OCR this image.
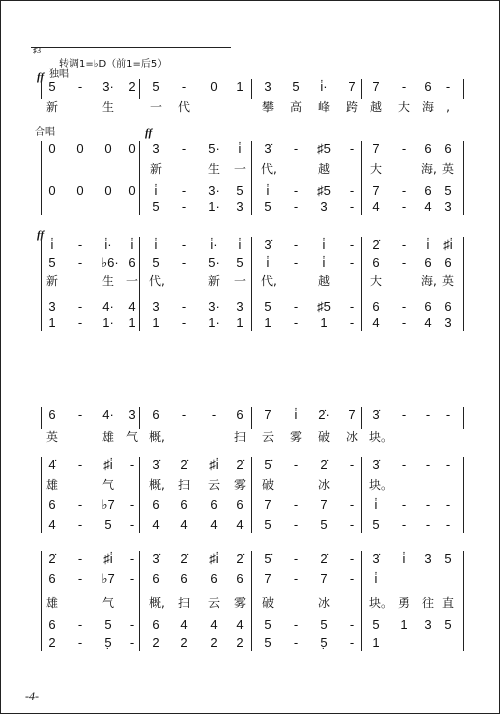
♯3
转调1=♭D（前1=后5）
ff 独唱
合唱	ff
ff
5	-	3· 2 5	-	0 1 3 5 i̇· 7 7	-	6	-
新	生	一 代	攀 高 峰 跨 越 大 海	,
0 0 0 0 3	-	5·	i̇	3̇	-	♯5	-	7	-	6 6
新	生 一 代,	越	大	海, 英
0 0 0 0	i̇	-	3· 5	i̇	-	♯5	-	7	-	6 5
5	-	1· 3 5	-	3	-	4	-	4 3
i̇	-	i̇·	i̇	i̇	-	i̇·	i̇	3̇	-	i̇	-	2̇	-	i̇	♯i̇
5	-	♭6· 6 5	-	5· 5	i̇	-	i̇	-	6	-	6 6
新	生 一 代,	新 一 代,	越	大	海, 英
3	-	4· 4 3	-	3· 3 5	-	♯5	-	6	-	6 6
1	-	1· 1 1	-	1· 1 1	-	1	-	4	-	4 3
6	-	4· 3 6	-	-	6 7	i̇	2̇· 7 3̇	-	-	-
英	雄 气 概,	扫 云 雾 破 冰 块。
4̇	-	♯i̇	-	3̇ 2̇ ♯i̇ 2̇ 5̇	-	2̇	-	3̇	-	-	-
雄	气	概, 扫 云 雾 破	冰	块。
6	-	♭7	-	6 6 6 6 7	-	7	-	i̇	-	-	-
4	-	5	-	4 4 4 4 5	-	5	-	5	-	-	-
2̇	-	♯i̇	-	3̇ 2̇ ♯i̇ 2̇ 5̇	-	2̇	-	3̇	i̇	3 5
6	-	♭7	-	6 6 6 6 7	-	7	-	i̇
雄	气	概, 扫 云 雾 破	冰	块。 勇 往 直
6	-	5	-	6 4 4 4 5	-	5	-	5 1 3 5
2	-	5̣	-	2 2 2 2 5	-	5̣	-	1
-4-
